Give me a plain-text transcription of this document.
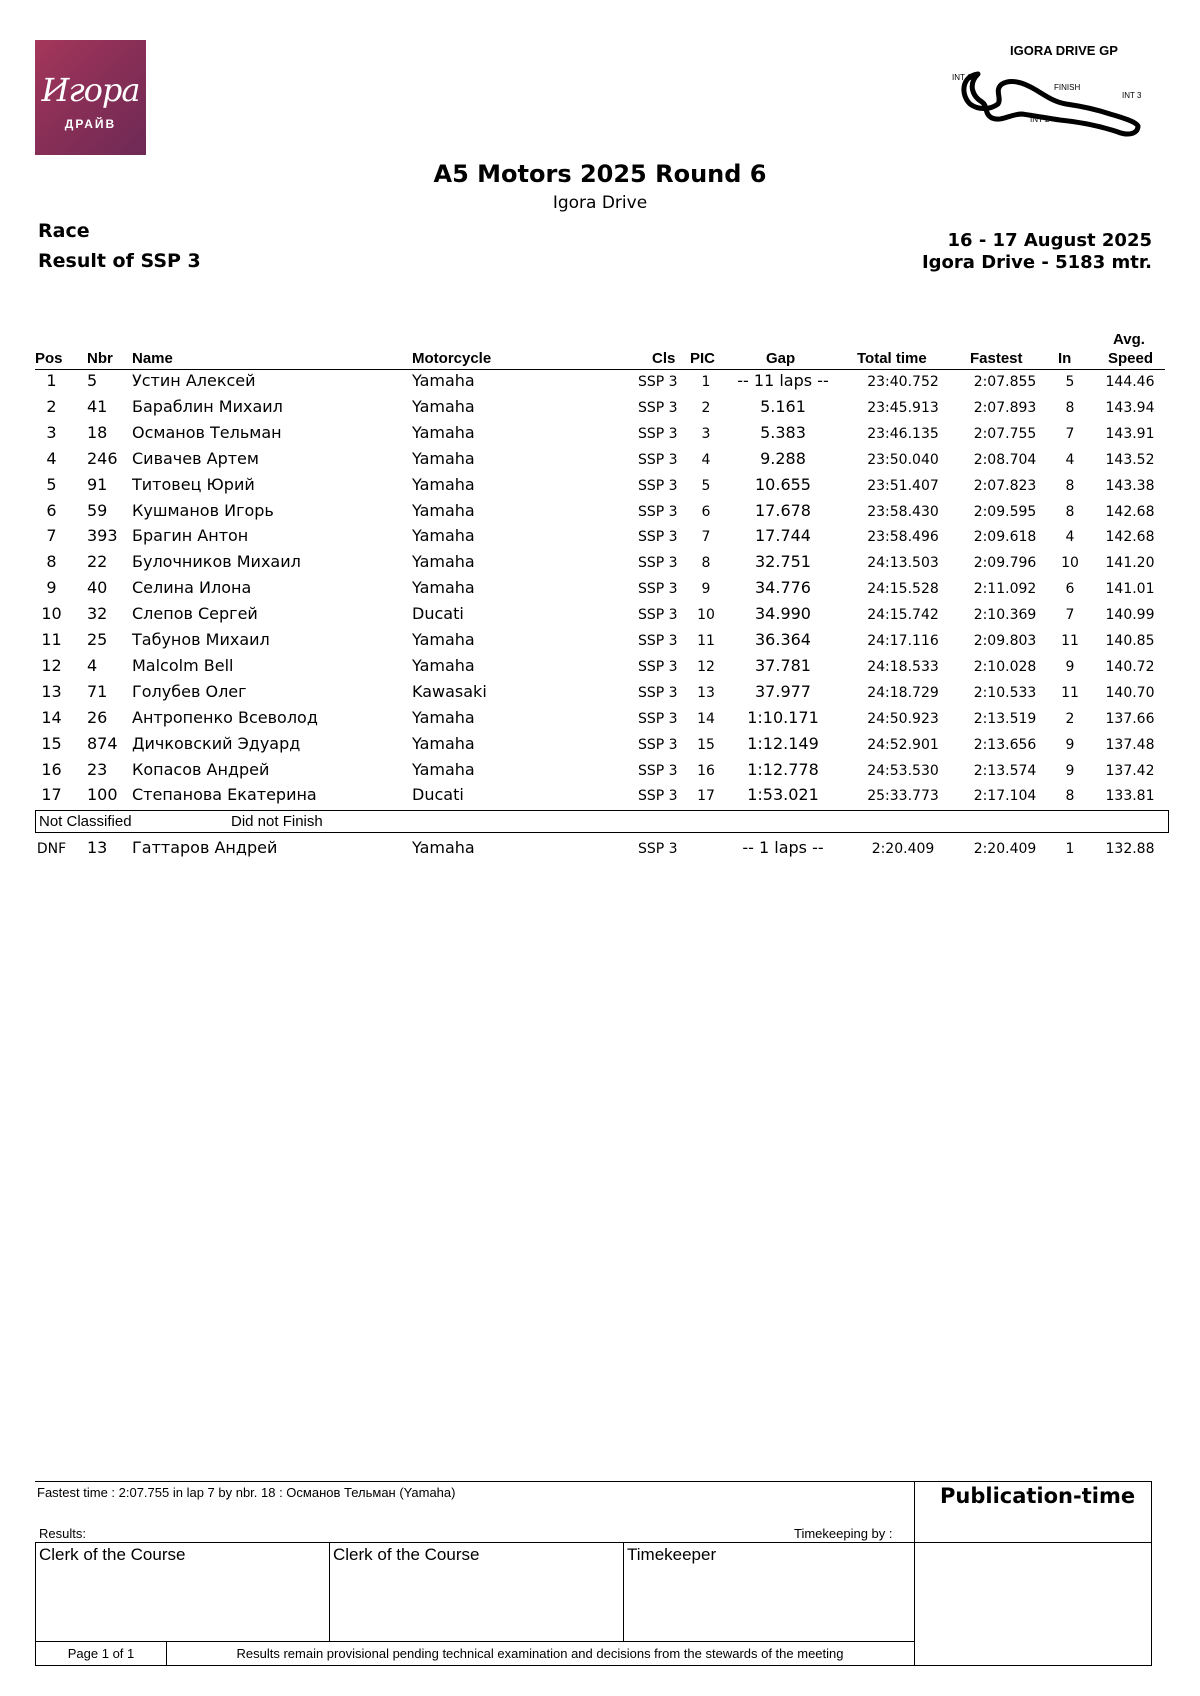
Игора
ДРАЙВ
IGORA DRIVE GP
INT 1
FINISH
INT 2
INT 3
A5 Motors 2025 Round 6
Igora Drive
Race
Result of SSP 3
16 - 17 August 2025
Igora Drive - 5183 mtr.
Pos Nbr Name	Motorcycle	Cls PIC	Gap	Total time	Fastest In
Avg.
Speed
1	5 Устин Алексей	Yamaha	SSP 3	1	-- 11 laps --	23:40.752	2:07.855	5	144.46
2	41 Бараблин Михаил	Yamaha	SSP 3	2	5.161	23:45.913	2:07.893	8	143.94
3	18 Османов Тельман	Yamaha	SSP 3	3	5.383	23:46.135	2:07.755	7	143.91
4	246 Сивачев Артем	Yamaha	SSP 3	4	9.288	23:50.040	2:08.704	4	143.52
5	91 Титовец Юрий	Yamaha	SSP 3	5	10.655	23:51.407	2:07.823	8	143.38
6	59 Кушманов Игорь	Yamaha	SSP 3	6	17.678	23:58.430	2:09.595	8	142.68
7	393 Брагин Антон	Yamaha	SSP 3	7	17.744	23:58.496	2:09.618	4	142.68
8	22 Булочников Михаил	Yamaha	SSP 3	8	32.751	24:13.503	2:09.796	10	141.20
9	40 Селина Илона	Yamaha	SSP 3	9	34.776	24:15.528	2:11.092	6	141.01
10	32 Слепов Сергей	Ducati	SSP 3 10	34.990	24:15.742	2:10.369	7	140.99
11	25 Табунов Михаил	Yamaha	SSP 3 11	36.364	24:17.116	2:09.803	11	140.85
12	4 Malcolm Bell	Yamaha	SSP 3 12	37.781	24:18.533	2:10.028	9	140.72
13	71 Голубев Олег	Kawasaki	SSP 3 13	37.977	24:18.729	2:10.533	11	140.70
14	26 Антропенко Всеволод	Yamaha	SSP 3 14	1:10.171	24:50.923	2:13.519	2	137.66
15	874 Дичковский Эдуард	Yamaha	SSP 3 15	1:12.149	24:52.901	2:13.656	9	137.48
16	23 Копасов Андрей	Yamaha	SSP 3 16	1:12.778	24:53.530	2:13.574	9	137.42
17	100 Степанова Екатерина	Ducati	SSP 3 17	1:53.021	25:33.773	2:17.104	8	133.81
Not Classified	Did not Finish
DNF 13 Гаттаров Андрей	Yamaha	SSP 3	-- 1 laps --	2:20.409	2:20.409	1	132.88
Fastest time : 2:07.755 in lap 7 by nbr. 18 : Османов Тельман (Yamaha)
Results:	Timekeeping by :
Publication-time
Clerk of the Course	Clerk of the Course	Timekeeper
Page 1 of 1	Results remain provisional pending technical examination and decisions from the stewards of the meeting
